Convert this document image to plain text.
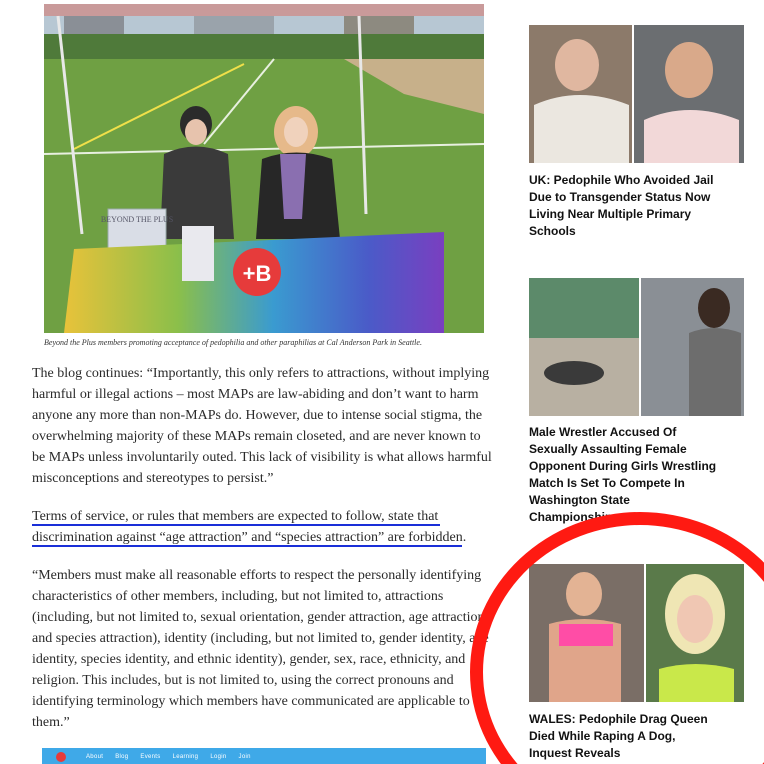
BEYOND THE PLUS
+B
Beyond the Plus members promoting acceptance of pedophilia and other paraphilias at Cal Anderson Park in Seattle.

The blog continues: “Importantly, this only refers to attractions, without implying harmful or illegal actions – most MAPs are law-abiding and don’t want to harm anyone any more than non-MAPs do. However, due to intense social stigma, the overwhelming majority of these MAPs remain closeted, and are never known to be MAPs unless involuntarily outed. This lack of visibility is what allows harmful misconceptions and stereotypes to persist.”

Terms of service, or rules that members are expected to follow, state that discrimination against “age attraction” and “species attraction” are forbidden.

“Members must make all reasonable efforts to respect the personally identifying characteristics of other members, including, but not limited to, attractions (including, but not limited to, sexual orientation, gender attraction, age attraction, and species attraction), identity (including, but not limited to, gender identity, age identity, species identity, and ethnic identity), gender, sex, race, ethnicity, and religion. This includes, but is not limited to, using the correct pronouns and identifying terminology which members have communicated are applicable to them.”

About Blog Events Learning Login Join
UK: Pedophile Who Avoided Jail Due to Transgender Status Now Living Near Multiple Primary Schools
Male Wrestler Accused Of Sexually Assaulting Female Opponent During Girls Wrestling Match Is Set To Compete In Washington State Championships
WALES: Pedophile Drag Queen Died While Raping A Dog, Inquest Reveals
